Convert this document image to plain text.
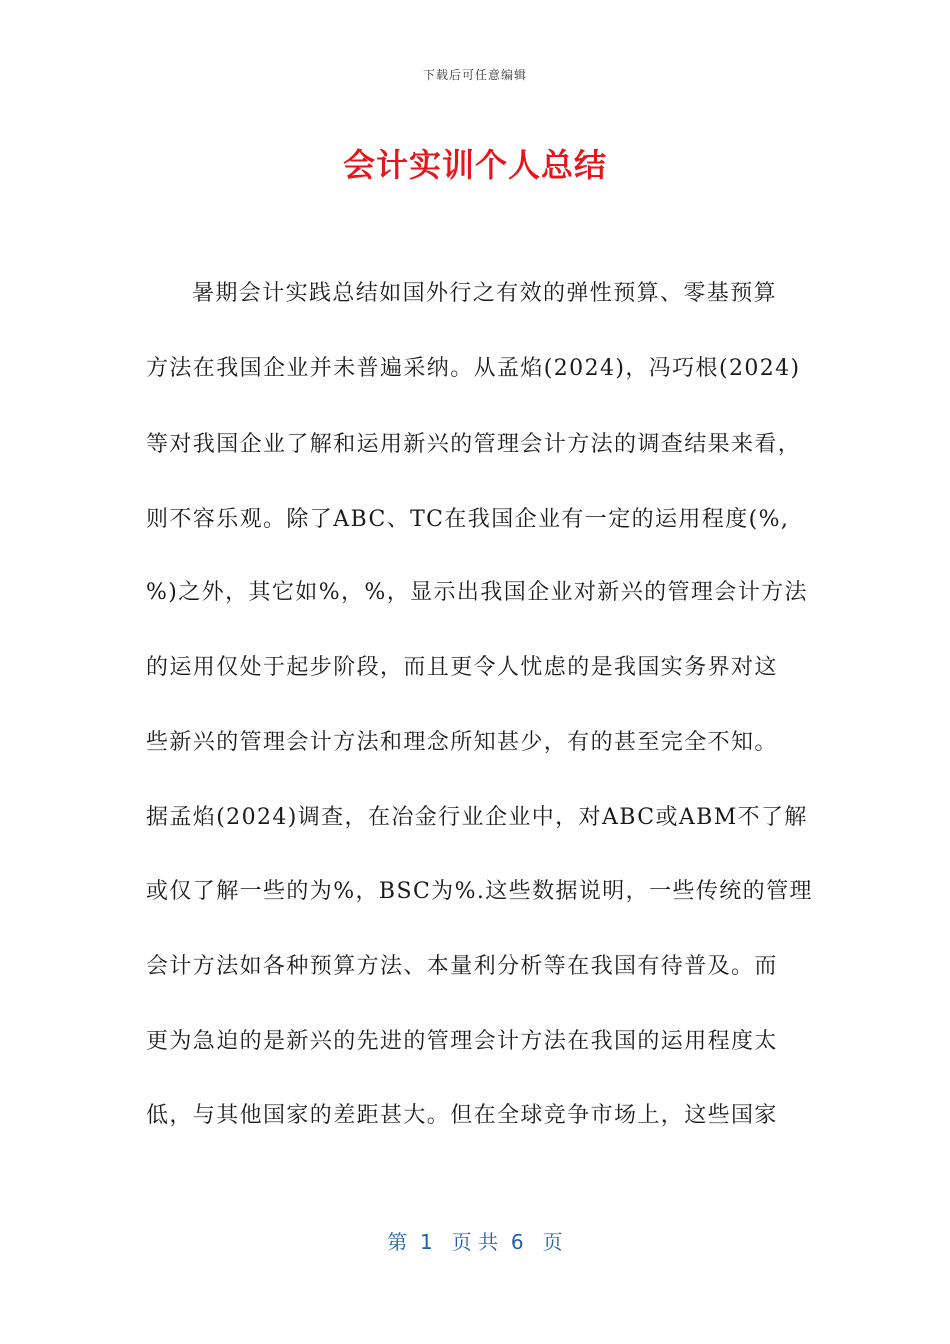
下载后可任意编辑
会计实训个人总结
暑期会计实践总结如国外行之有效的弹性预算、零基预算
方法在我国企业并未普遍采纳。从孟焰(2024)，冯巧根(2024)
等对我国企业了解和运用新兴的管理会计方法的调查结果来看，
则不容乐观。除了ABC、TC在我国企业有一定的运用程度(%,
%)之外，其它如%，%，显示出我国企业对新兴的管理会计方法
的运用仅处于起步阶段，而且更令人忧虑的是我国实务界对这
些新兴的管理会计方法和理念所知甚少，有的甚至完全不知。
据孟焰(2024)调查，在冶金行业企业中，对ABC或ABM不了解
或仅了解一些的为%，BSC为%.这些数据说明，一些传统的管理
会计方法如各种预算方法、本量利分析等在我国有待普及。而
更为急迫的是新兴的先进的管理会计方法在我国的运用程度太
低，与其他国家的差距甚大。但在全球竞争市场上，这些国家
第  1   页 共  6   页
